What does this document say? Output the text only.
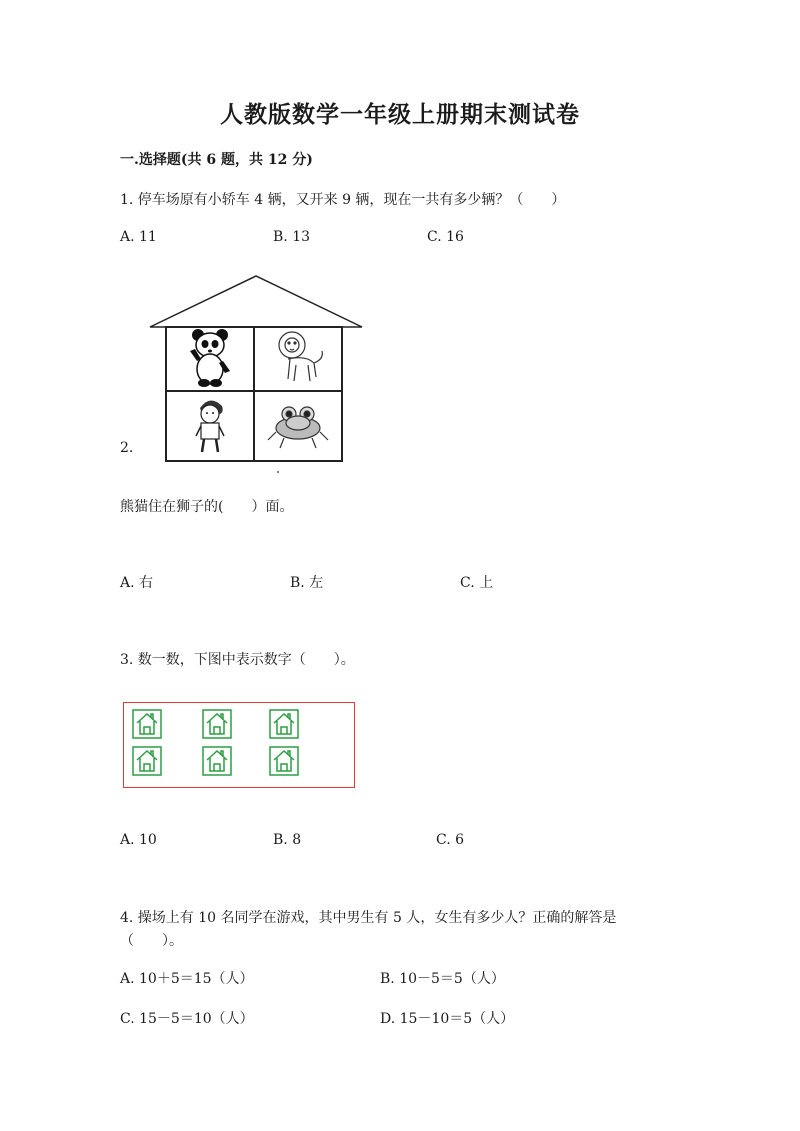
人教版数学一年级上册期末测试卷
一.选择题(共 6 题，共 12 分)
1. 停车场原有小轿车 4 辆，又开来 9 辆，现在一共有多少辆？（　　）
A. 11	B. 13	C. 16
2.
熊猫住在狮子的(　　）面。
A. 右	B. 左	C. 上
3. 数一数，下图中表示数字（　　）。
A. 10	B. 8	C. 6
4. 操场上有 10 名同学在游戏，其中男生有 5 人，女生有多少人？正确的解答是
（　　）。
A. 10＋5＝15（人）	B. 10－5＝5（人）
C. 15－5＝10（人）	D. 15－10＝5（人）
